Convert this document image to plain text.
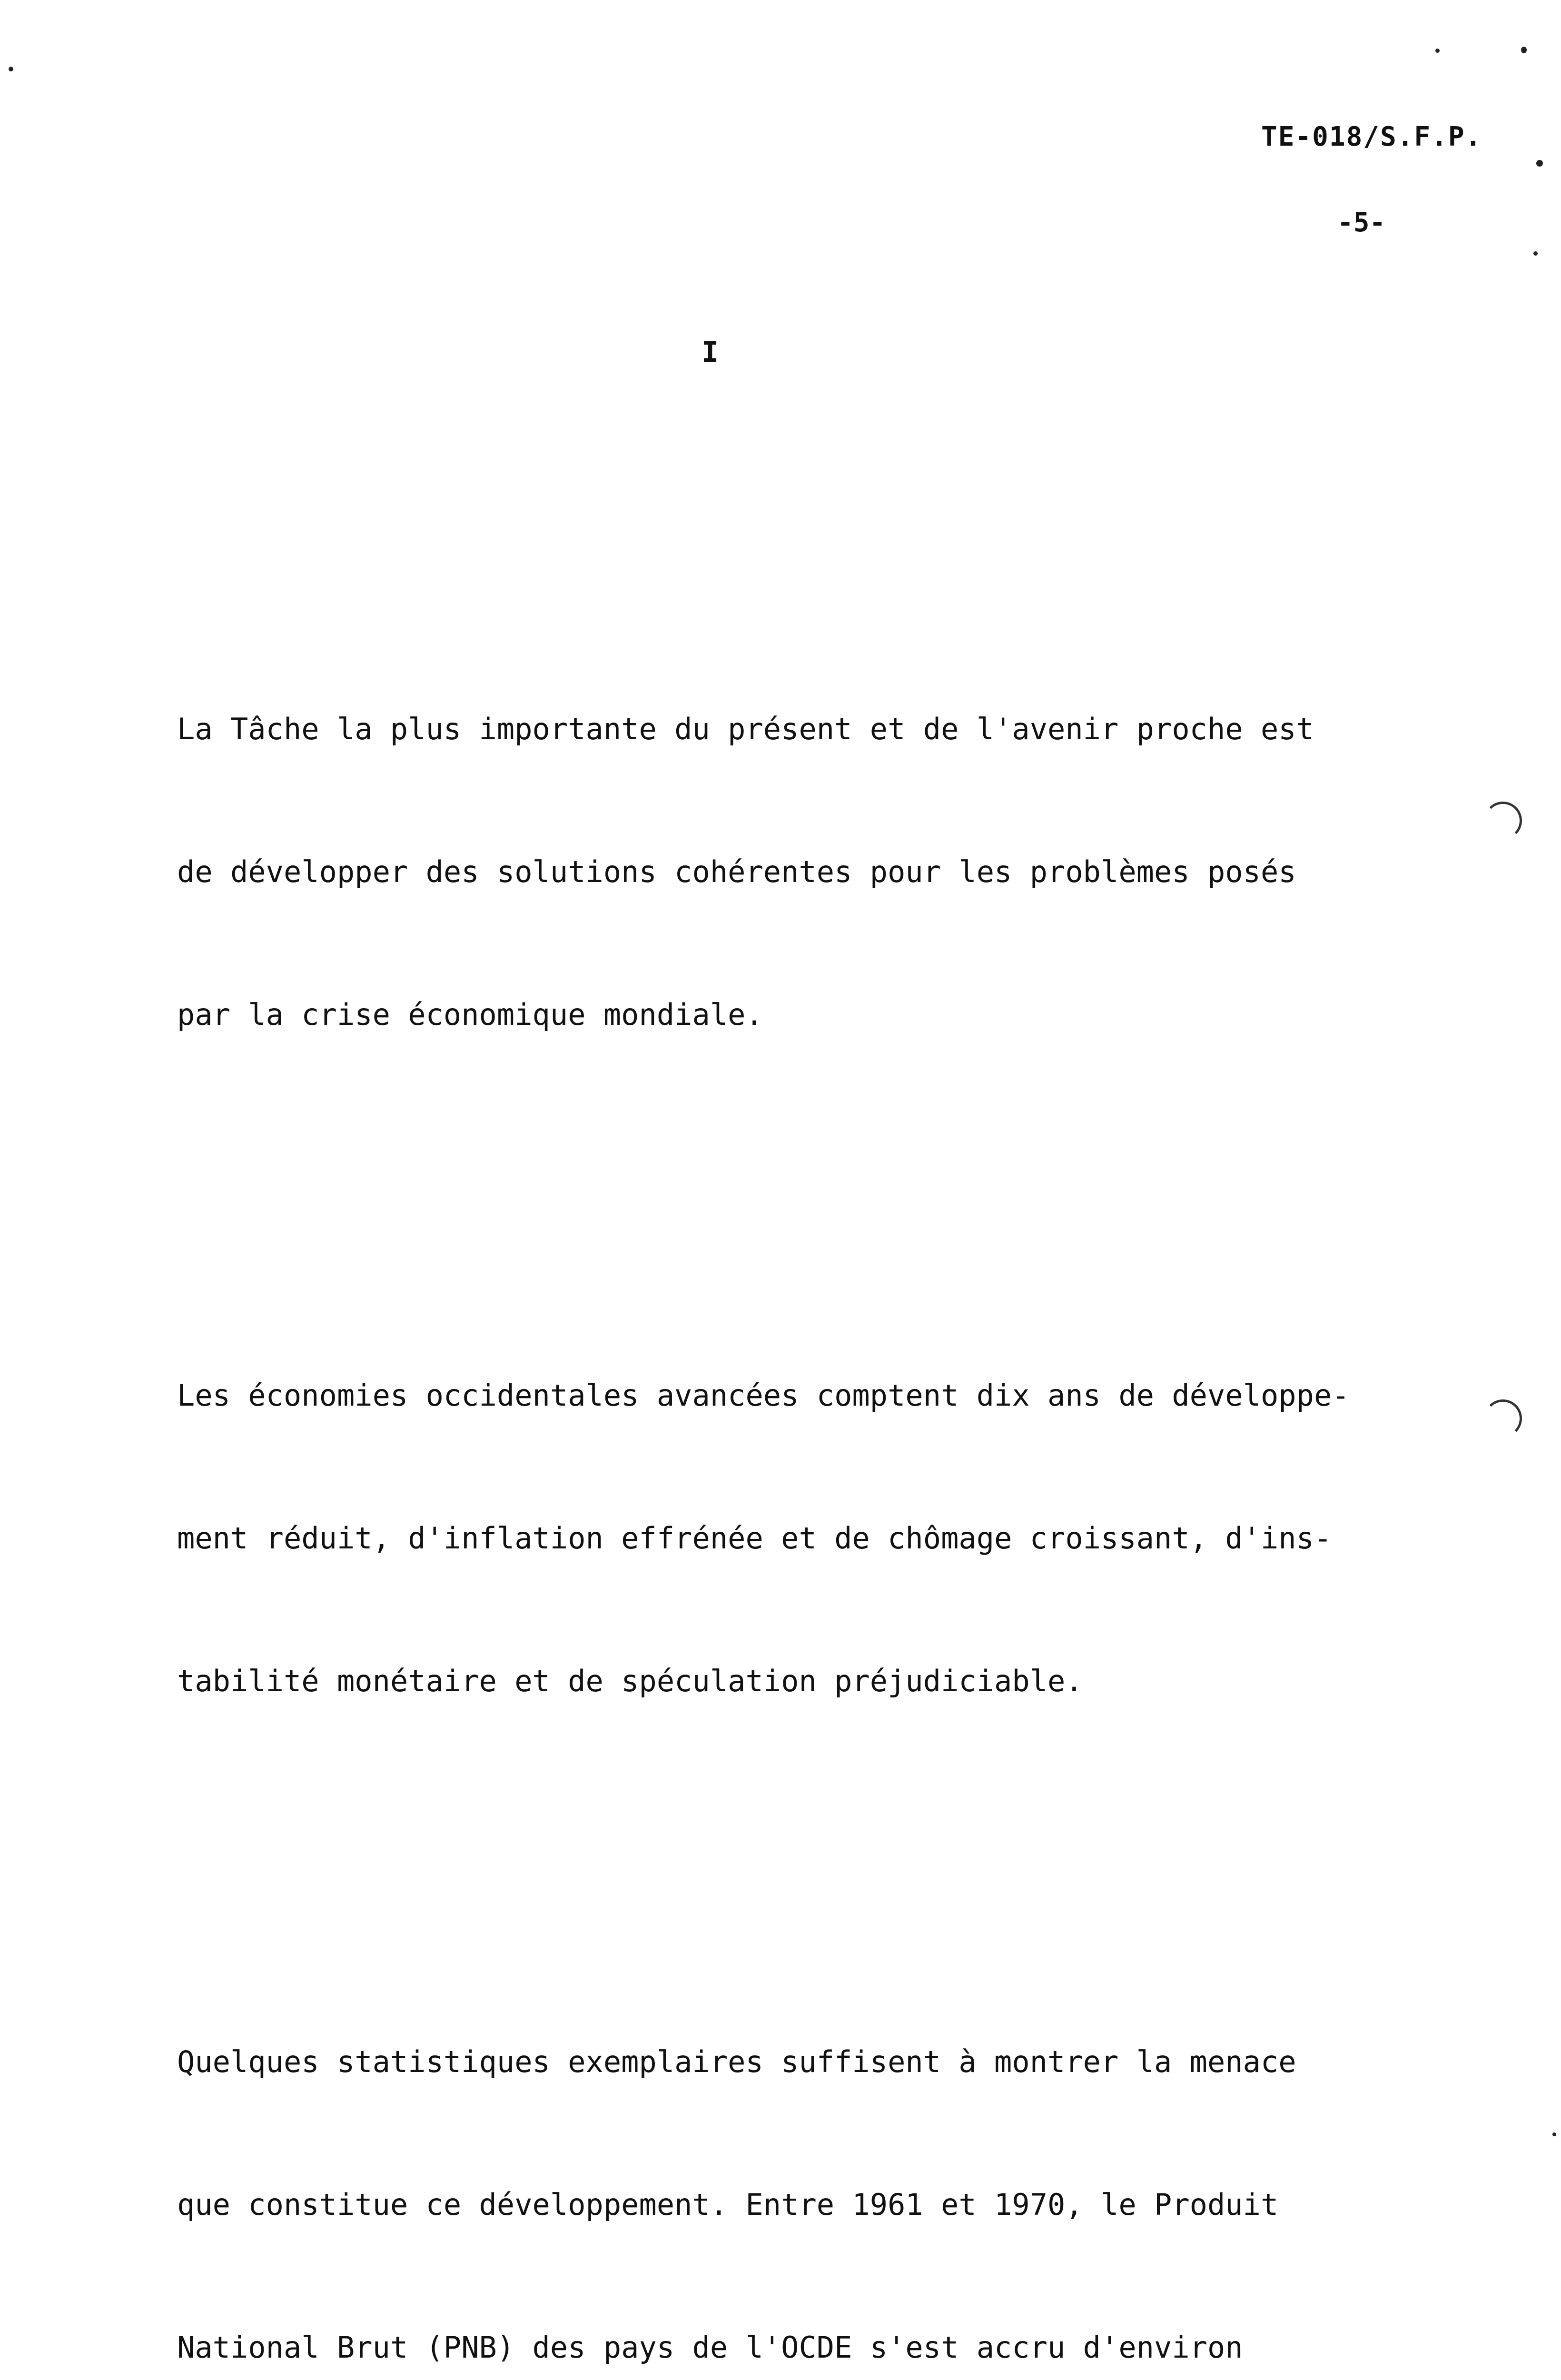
TE-018/S.F.P.
-5-
I

La Tâche la plus importante du présent et de l'avenir proche est

de développer des solutions cohérentes pour les problèmes posés

par la crise économique mondiale.

Les économies occidentales avancées comptent dix ans de développe-

ment réduit, d'inflation effrénée et de chômage croissant, d'ins-

tabilité monétaire et de spéculation préjudiciable.

Quelques statistiques exemplaires suffisent à montrer la menace

que constitue ce développement. Entre 1961 et 1970, le Produit

National Brut (PNB) des pays de l'OCDE s'est accru d'environ
